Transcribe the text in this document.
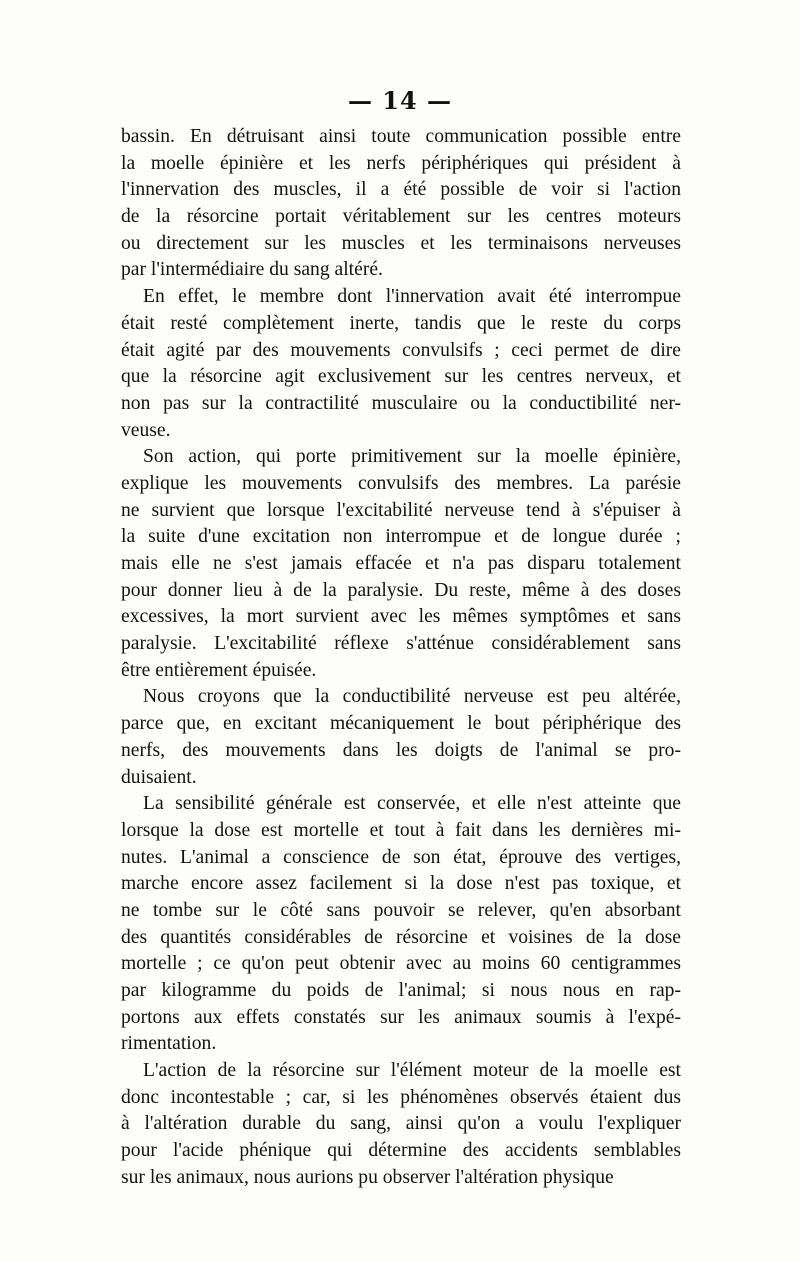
— 14 —
bassin. En détruisant ainsi toute communication possible entre
la moelle épinière et les nerfs périphériques qui président à
l'innervation des muscles, il a été possible de voir si l'action
de la résorcine portait véritablement sur les centres moteurs
ou directement sur les muscles et les terminaisons nerveuses
par l'intermédiaire du sang altéré.
En effet, le membre dont l'innervation avait été interrompue
était resté complètement inerte, tandis que le reste du corps
était agité par des mouvements convulsifs ; ceci permet de dire
que la résorcine agit exclusivement sur les centres nerveux, et
non pas sur la contractilité musculaire ou la conductibilité ner-
veuse.
Son action, qui porte primitivement sur la moelle épinière,
explique les mouvements convulsifs des membres. La parésie
ne survient que lorsque l'excitabilité nerveuse tend à s'épuiser à
la suite d'une excitation non interrompue et de longue durée ;
mais elle ne s'est jamais effacée et n'a pas disparu totalement
pour donner lieu à de la paralysie. Du reste, même à des doses
excessives, la mort survient avec les mêmes symptômes et sans
paralysie. L'excitabilité réflexe s'atténue considérablement sans
être entièrement épuisée.
Nous croyons que la conductibilité nerveuse est peu altérée,
parce que, en excitant mécaniquement le bout périphérique des
nerfs, des mouvements dans les doigts de l'animal se pro-
duisaient.
La sensibilité générale est conservée, et elle n'est atteinte que
lorsque la dose est mortelle et tout à fait dans les dernières mi-
nutes. L'animal a conscience de son état, éprouve des vertiges,
marche encore assez facilement si la dose n'est pas toxique, et
ne tombe sur le côté sans pouvoir se relever, qu'en absorbant
des quantités considérables de résorcine et voisines de la dose
mortelle ; ce qu'on peut obtenir avec au moins 60 centigrammes
par kilogramme du poids de l'animal; si nous nous en rap-
portons aux effets constatés sur les animaux soumis à l'expé-
rimentation.
L'action de la résorcine sur l'élément moteur de la moelle est
donc incontestable ; car, si les phénomènes observés étaient dus
à l'altération durable du sang, ainsi qu'on a voulu l'expliquer
pour l'acide phénique qui détermine des accidents semblables
sur les animaux, nous aurions pu observer l'altération physique
